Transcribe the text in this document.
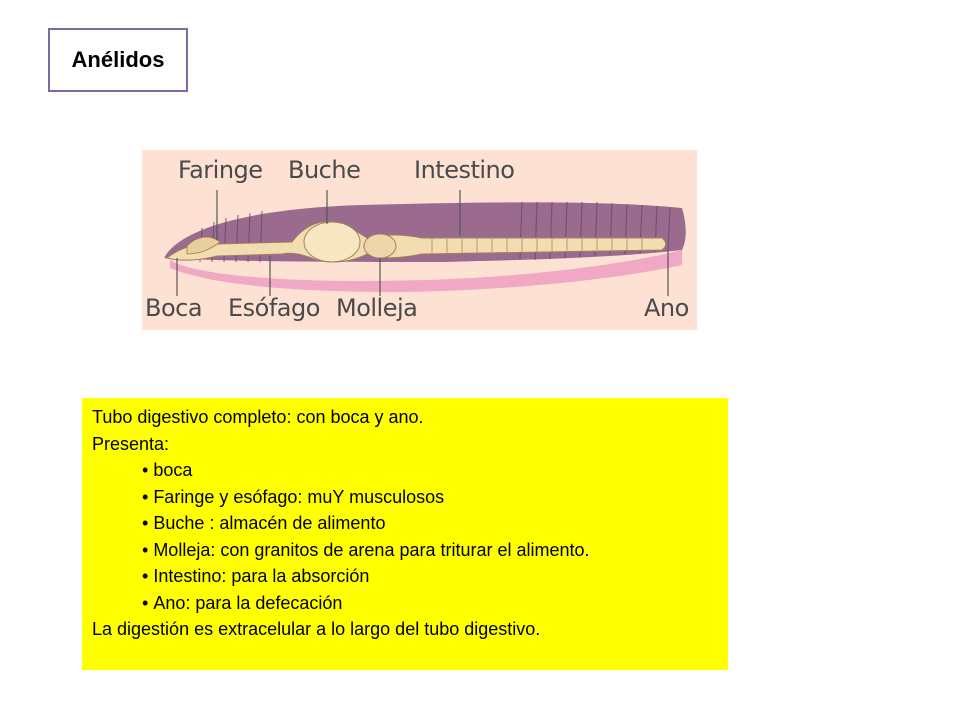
Anélidos
Faringe Buche Intestino
Boca Esófago Molleja	Ano
Tubo digestivo completo: con boca y ano.
Presenta:
• boca
• Faringe y esófago: muY musculosos
• Buche : almacén de alimento
• Molleja: con granitos de arena para triturar el alimento.
• Intestino: para la absorción
• Ano: para la defecación
La digestión es extracelular a lo largo del tubo digestivo.
